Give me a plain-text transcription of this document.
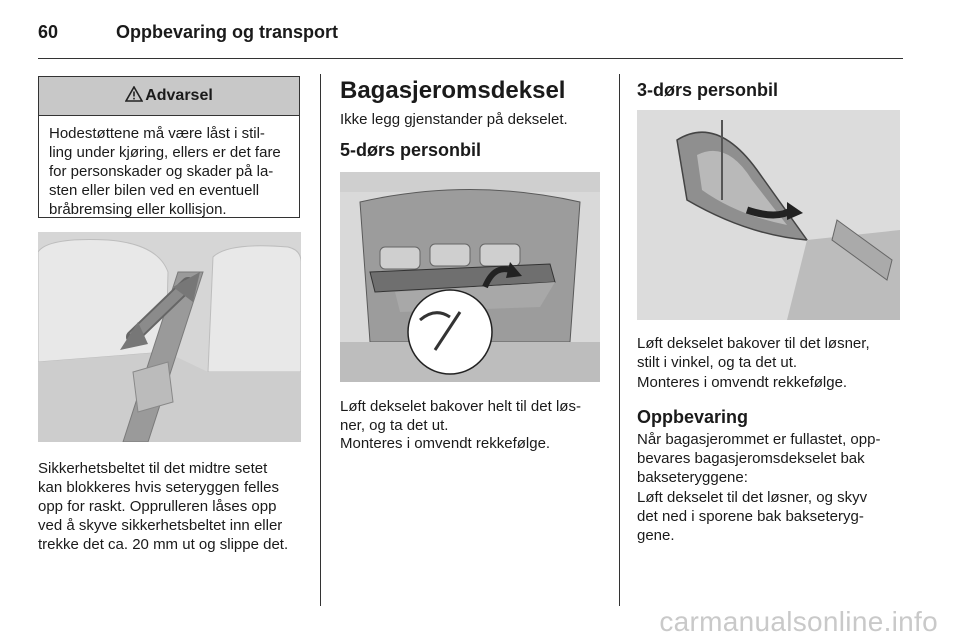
60	Oppbevaring og transport
Advarsel
Hodestøttene må være låst i stil-
ling under kjøring, ellers er det fare
for personskader og skader på la-
sten eller bilen ved en eventuell
bråbremsing eller kollisjon.
Sikkerhetsbeltet til det midtre setet
kan blokkeres hvis seteryggen felles
opp for raskt. Opprulleren låses opp
ved å skyve sikkerhetsbeltet inn eller
trekke det ca. 20 mm ut og slippe det.
Bagasjeromsdeksel

Ikke legg gjenstander på dekselet.

5-dørs personbil
Løft dekselet bakover helt til det løs-
ner, og ta det ut.

Monteres i omvendt rekkefølge.

3-dørs personbil
Løft dekselet bakover til det løsner,
stilt i vinkel, og ta det ut.

Monteres i omvendt rekkefølge.

Oppbevaring
Når bagasjerommet er fullastet, opp-
bevares bagasjeromsdekselet bak
bakseteryggene:
Løft dekselet til det løsner, og skyv
det ned i sporene bak bakseteryg-
gene.
carmanualsonline.info
